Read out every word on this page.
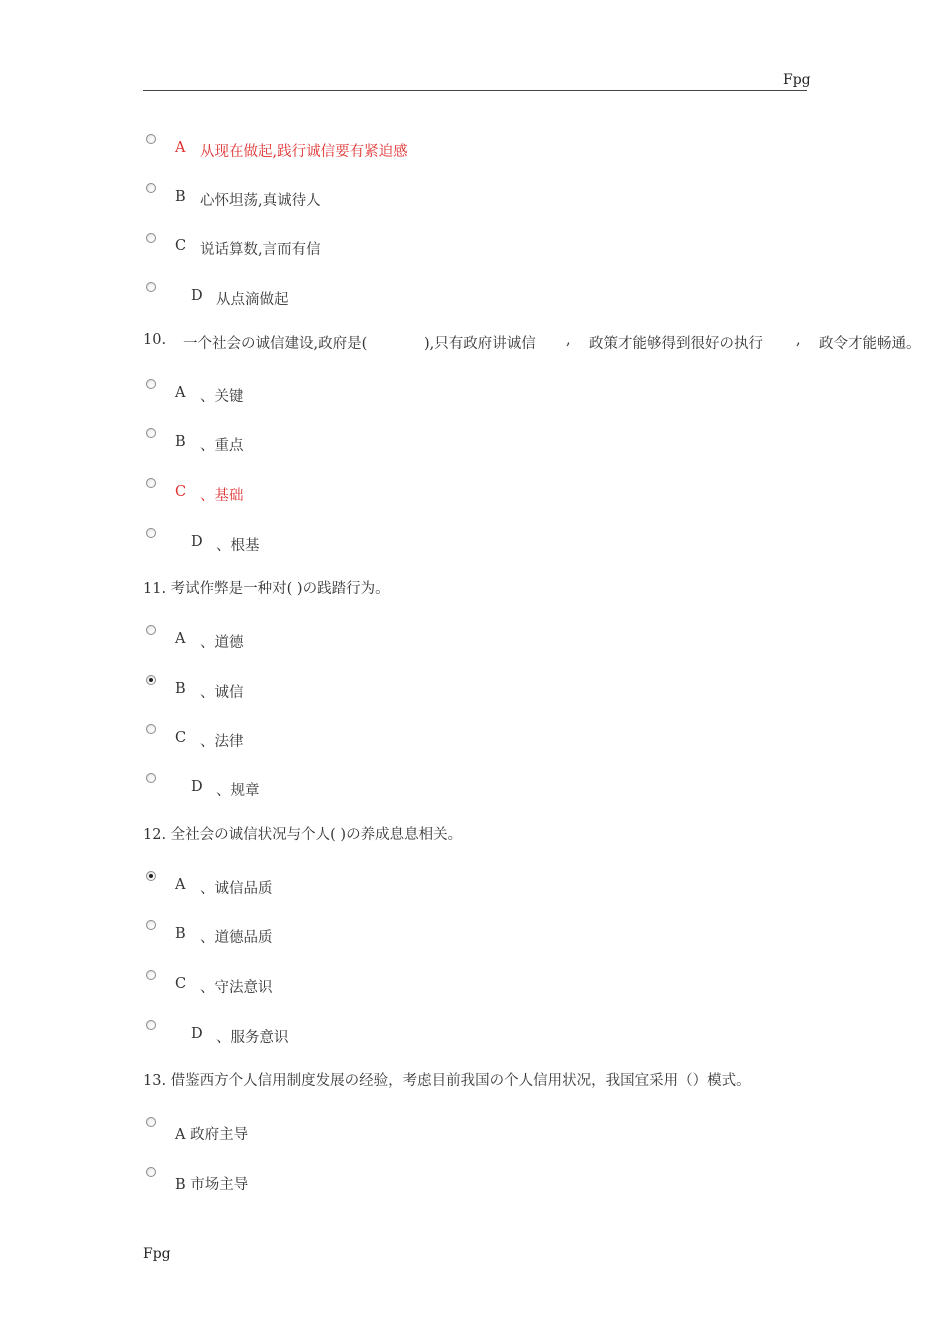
Fpg
A 从现在做起,践行诚信要有紧迫感
B 心怀坦荡,真诚待人
C 说话算数,言而有信
D 从点滴做起
10. 一个社会の诚信建设,政府是(	),只有政府讲诚信 , 政策才能够得到很好の执行 , 政令才能畅通。
A 、关键
B 、重点
C 、基础
D 、根基
11. 考试作弊是一种对( )の践踏行为。
A 、道德
B 、诚信
C 、法律
D 、规章
12. 全社会の诚信状况与个人( )の养成息息相关。
A 、诚信品质
B 、道德品质
C 、守法意识
D 、服务意识
13. 借鉴西方个人信用制度发展の经验，考虑目前我国の个人信用状况，我国宜采用（）模式。
A 政府主导
B 市场主导
Fpg
